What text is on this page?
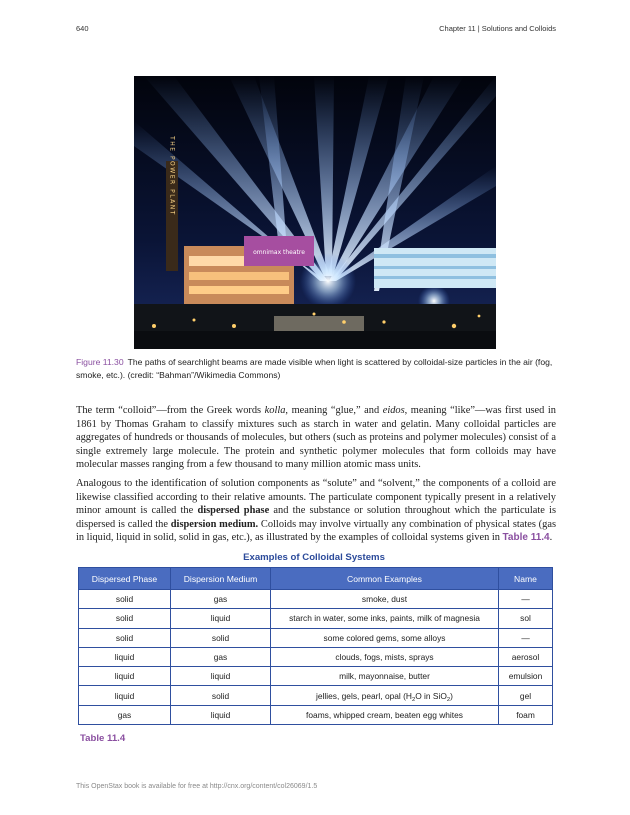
640	Chapter 11 | Solutions and Colloids
THE POWER PLANT
omnimax theatre
Figure 11.30 The paths of searchlight beams are made visible when light is scattered by colloidal-size particles in the air (fog, smoke, etc.). (credit: “Bahman”/Wikimedia Commons)

The term “colloid”—from the Greek words kolla, meaning “glue,” and eidos, meaning “like”—was first used in 1861 by Thomas Graham to classify mixtures such as starch in water and gelatin. Many colloidal particles are aggregates of hundreds or thousands of molecules, but others (such as proteins and polymer molecules) consist of a single extremely large molecule. The protein and synthetic polymer molecules that form colloids may have molecular masses ranging from a few thousand to many million atomic mass units.

Analogous to the identification of solution components as “solute” and “solvent,” the components of a colloid are likewise classified according to their relative amounts. The particulate component typically present in a relatively minor amount is called the dispersed phase and the substance or solution throughout which the particulate is dispersed is called the dispersion medium. Colloids may involve virtually any combination of physical states (gas in liquid, liquid in solid, solid in gas, etc.), as illustrated by the examples of colloidal systems given in Table 11.4.

Examples of Colloidal Systems
Dispersed Phase	Dispersion Medium	Common Examples	Name
solid	gas	smoke, dust	—
solid	liquid	starch in water, some inks, paints, milk of magnesia	sol
solid	solid	some colored gems, some alloys	—
liquid	gas	clouds, fogs, mists, sprays	aerosol
liquid	liquid	milk, mayonnaise, butter	emulsion
liquid	solid	jellies, gels, pearl, opal ($H_2O$ in SiO$_2$)	gel
gas	liquid	foams, whipped cream, beaten egg whites	foam
Table 11.4
This OpenStax book is available for free at http://cnx.org/content/col26069/1.5
